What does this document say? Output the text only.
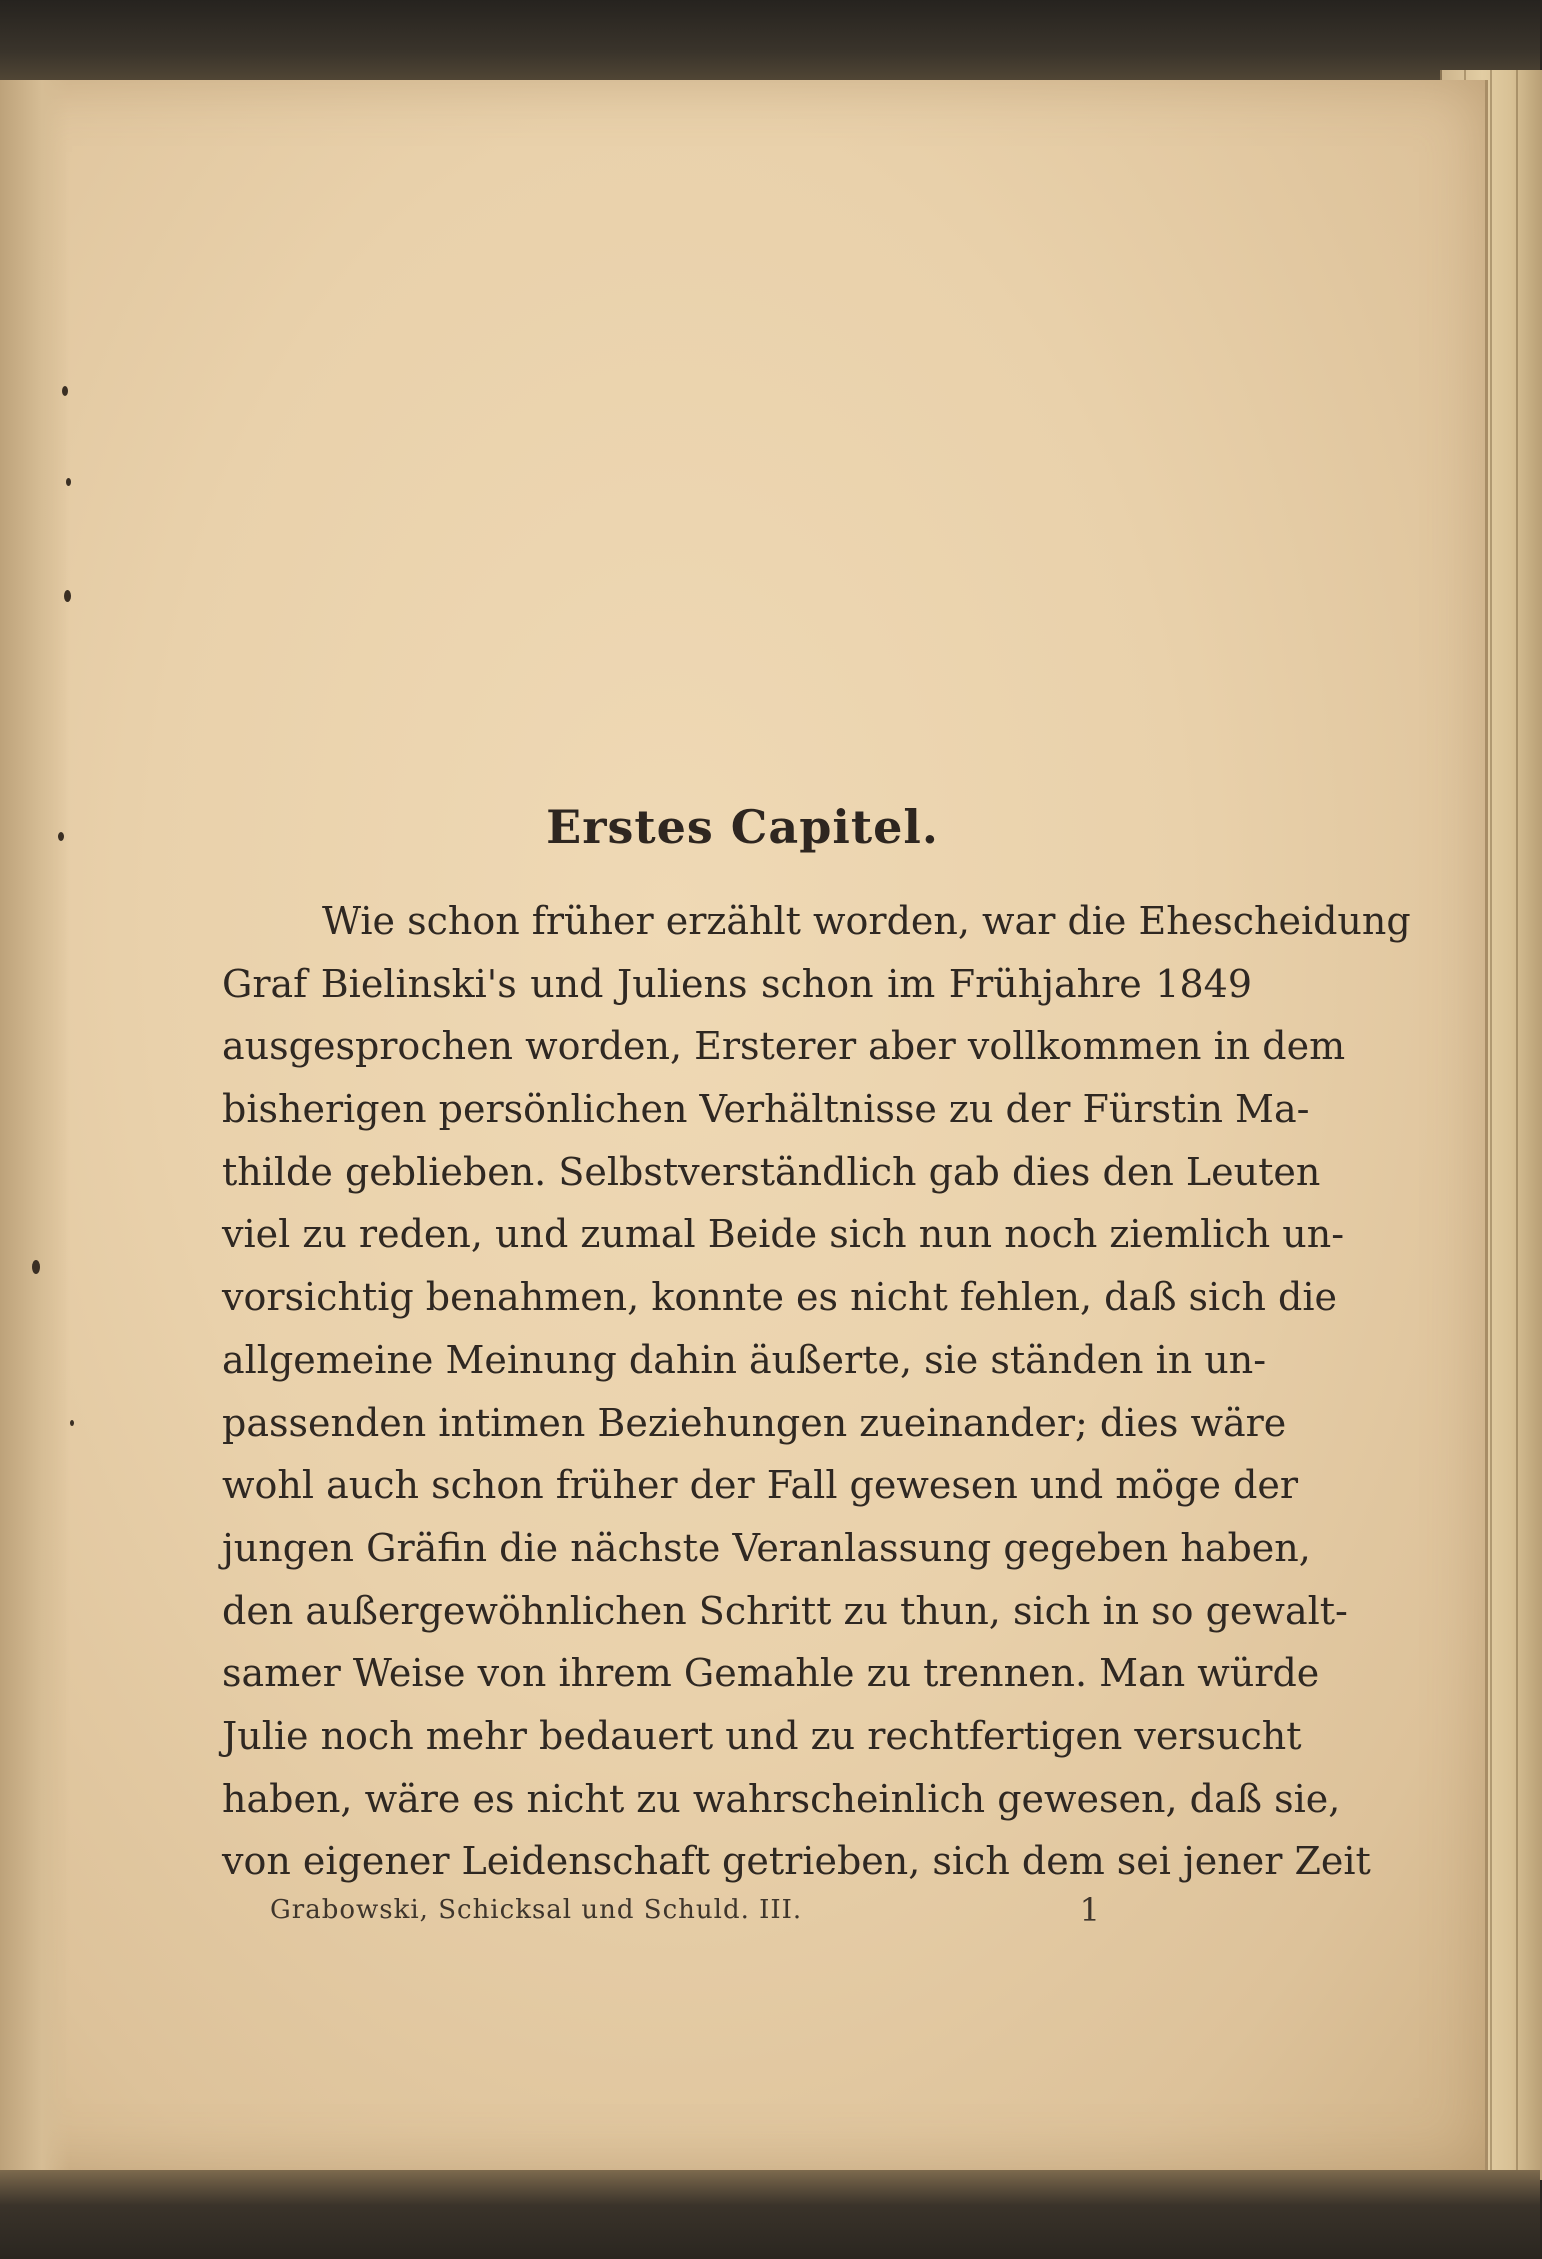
Erstes Capitel.
Wie schon früher erzählt worden, war die Ehescheidung
Graf Bielinski's und Juliens schon im Frühjahre 1849
ausgesprochen worden, Ersterer aber vollkommen in dem
bisherigen persönlichen Verhältnisse zu der Fürstin Ma-
thilde geblieben. Selbstverständlich gab dies den Leuten
viel zu reden, und zumal Beide sich nun noch ziemlich un-
vorsichtig benahmen, konnte es nicht fehlen, daß sich die
allgemeine Meinung dahin äußerte, sie ständen in un-
passenden intimen Beziehungen zueinander; dies wäre
wohl auch schon früher der Fall gewesen und möge der
jungen Gräfin die nächste Veranlassung gegeben haben,
den außergewöhnlichen Schritt zu thun, sich in so gewalt-
samer Weise von ihrem Gemahle zu trennen. Man würde
Julie noch mehr bedauert und zu rechtfertigen versucht
haben, wäre es nicht zu wahrscheinlich gewesen, daß sie,
von eigener Leidenschaft getrieben, sich dem sei jener Zeit
Grabowski, Schicksal und Schuld. III.	1
